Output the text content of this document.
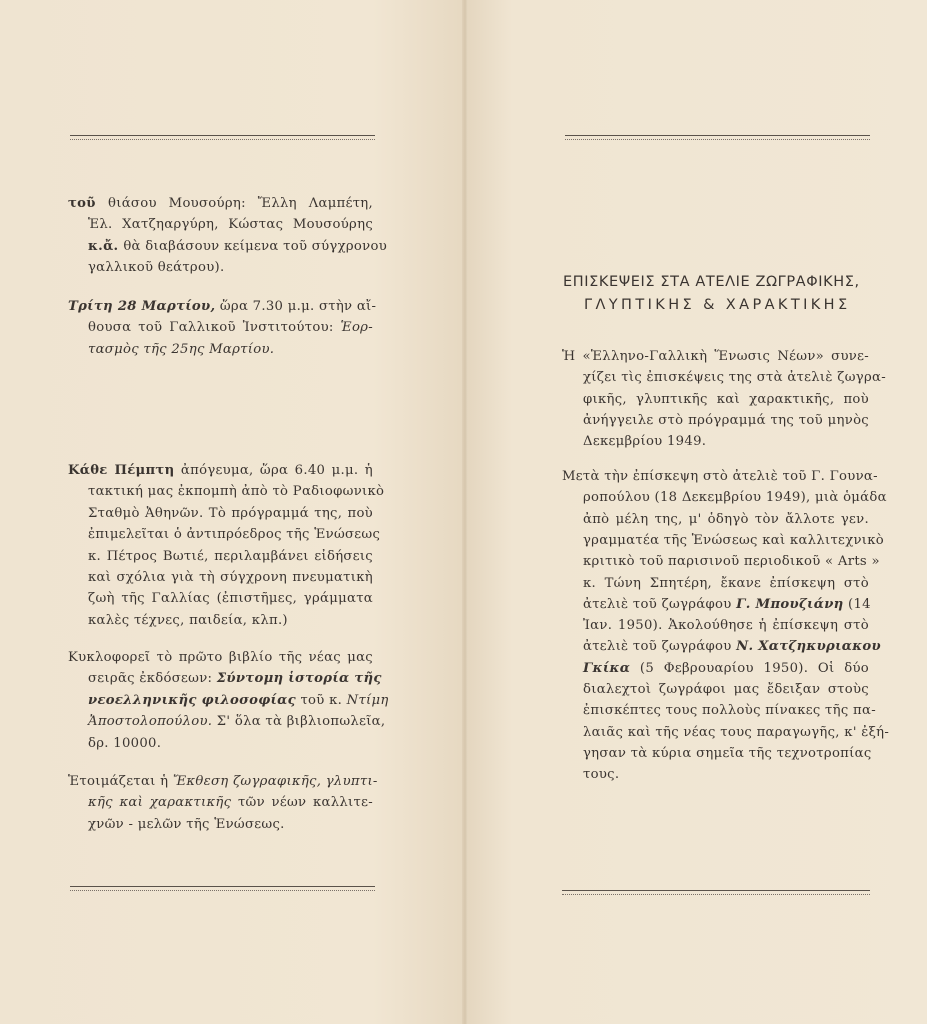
ΕΠΙΣΚΕΨΕΙΣ ΣΤΑ ΑΤΕΛΙΕ ΖΩΓΡΑΦΙΚΗΣ,
ΓΛΥΠΤΙΚΗΣ & ΧΑΡΑΚΤΙΚΗΣ
τοῦ θιάσου Μουσούρη: Ἔλλη Λαμπέτη,
Ἑλ. Χατζηαργύρη, Κώστας Μουσούρης
κ.ἄ. θὰ διαβάσουν κείμενα τοῦ σύγχρονου
γαλλικοῦ θεάτρου).
Τρίτη 28 Μαρτίου, ὥρα 7.30 μ.μ. στὴν αἴ-
θουσα τοῦ Γαλλικοῦ Ἰνστιτούτου: Ἑορ-
τασμὸς τῆς 25ης Μαρτίου.
Κάθε Πέμπτη ἀπόγευμα, ὥρα 6.40 μ.μ. ἡ
τακτική μας ἐκπομπὴ ἀπὸ τὸ Ραδιοφωνικὸ
Σταθμὸ Ἀθηνῶν. Τὸ πρόγραμμά της, ποὺ
ἐπιμελεῖται ὁ ἀντιπρόεδρος τῆς Ἑνώσεως
κ. Πέτρος Βωτιέ, περιλαμβάνει εἰδήσεις
καὶ σχόλια γιὰ τὴ σύγχρονη πνευματικὴ
ζωὴ τῆς Γαλλίας (ἐπιστῆμες, γράμματα
καλὲς τέχνες, παιδεία, κλπ.)
Κυκλοφορεῖ τὸ πρῶτο βιβλίο τῆς νέας μας
σειρᾶς ἐκδόσεων: Σύντομη ἱστορία τῆς
νεοελληνικῆς φιλοσοφίας τοῦ κ. Ντίμη
Ἀποστολοπούλου. Σ' ὅλα τὰ βιβλιοπωλεῖα,
δρ. 10000.
Ἑτοιμάζεται ἡ Ἔκθεση ζωγραφικῆς, γλυπτι-
κῆς καὶ χαρακτικῆς τῶν νέων καλλιτε-
χνῶν - μελῶν τῆς Ἑνώσεως.
Ἡ «Ἑλληνο-Γαλλικὴ Ἕνωσις Νέων» συνε-
χίζει τὶς ἐπισκέψεις της στὰ ἀτελιὲ ζωγρα-
φικῆς, γλυπτικῆς καὶ χαρακτικῆς, ποὺ
ἀνήγγειλε στὸ πρόγραμμά της τοῦ μηνὸς
Δεκεμβρίου 1949.
Μετὰ τὴν ἐπίσκεψη στὸ ἀτελιὲ τοῦ Γ. Γουνα-
ροπούλου (18 Δεκεμβρίου 1949), μιὰ ὁμάδα
ἀπὸ μέλη της, μ' ὁδηγὸ τὸν ἄλλοτε γεν.
γραμματέα τῆς Ἑνώσεως καὶ καλλιτεχνικὸ
κριτικὸ τοῦ παρισινοῦ περιοδικοῦ « Arts »
κ. Τώνη Σπητέρη, ἔκανε ἐπίσκεψη στὸ
ἀτελιὲ τοῦ ζωγράφου Γ. Μπουζιάνη (14
Ἰαν. 1950). Ἀκολούθησε ἡ ἐπίσκεψη στὸ
ἀτελιὲ τοῦ ζωγράφου Ν. Χατζηκυριακου
Γκίκα (5 Φεβρουαρίου 1950). Οἱ δύο
διαλεχτοὶ ζωγράφοι μας ἔδειξαν στοὺς
ἐπισκέπτες τους πολλοὺς πίνακες τῆς πα-
λαιᾶς καὶ τῆς νέας τους παραγωγῆς, κ' ἐξή-
γησαν τὰ κύρια σημεῖα τῆς τεχνοτροπίας
τους.
